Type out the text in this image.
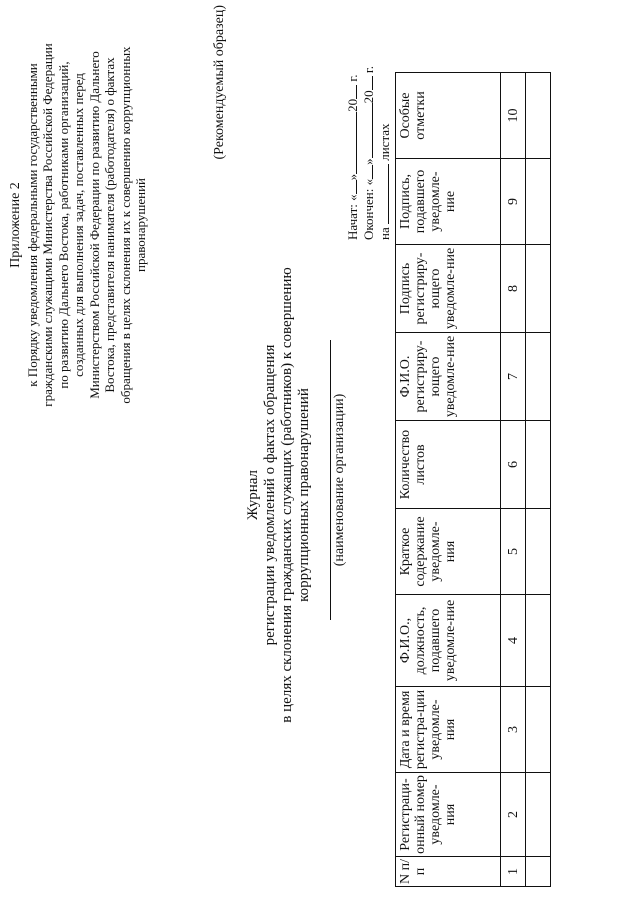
Приложение 2 к Порядку уведомления федеральными государственными гражданскими служащими Министерства Российской Федерации по развитию Дальнего Востока, работниками организаций, созданных для выполнения задач, поставленных перед Министерством Российской Федерации по развитию Дальнего Востока, представителя нанимателя (работодателя) о фактах обращения в целях склонения их к совершению коррупционных правонарушений
(Рекомендуемый образец)
Журнал регистрации уведомлений о фактах обращения в целях склонения гражданских служащих (работников) к совершению коррупционных правонарушений (наименование организации)
Начат: «»20 г.
Окончен: «»20 г.
на  листах
N п/п	Регистраци-онный номер уведомле-ния	Дата и время регистра-ции уведомле-ния	Ф.И.О., должность, подавшего уведомле-ние	Краткое содержание уведомле-ния	Количество листов	Ф.И.О. регистриру-ющего уведомле-ние	Подпись регистриру-ющего уведомле-ние	Подпись, подавшего уведомле-ние	Особые отметки
1	2	3	4	5	6	7	8	9	10
